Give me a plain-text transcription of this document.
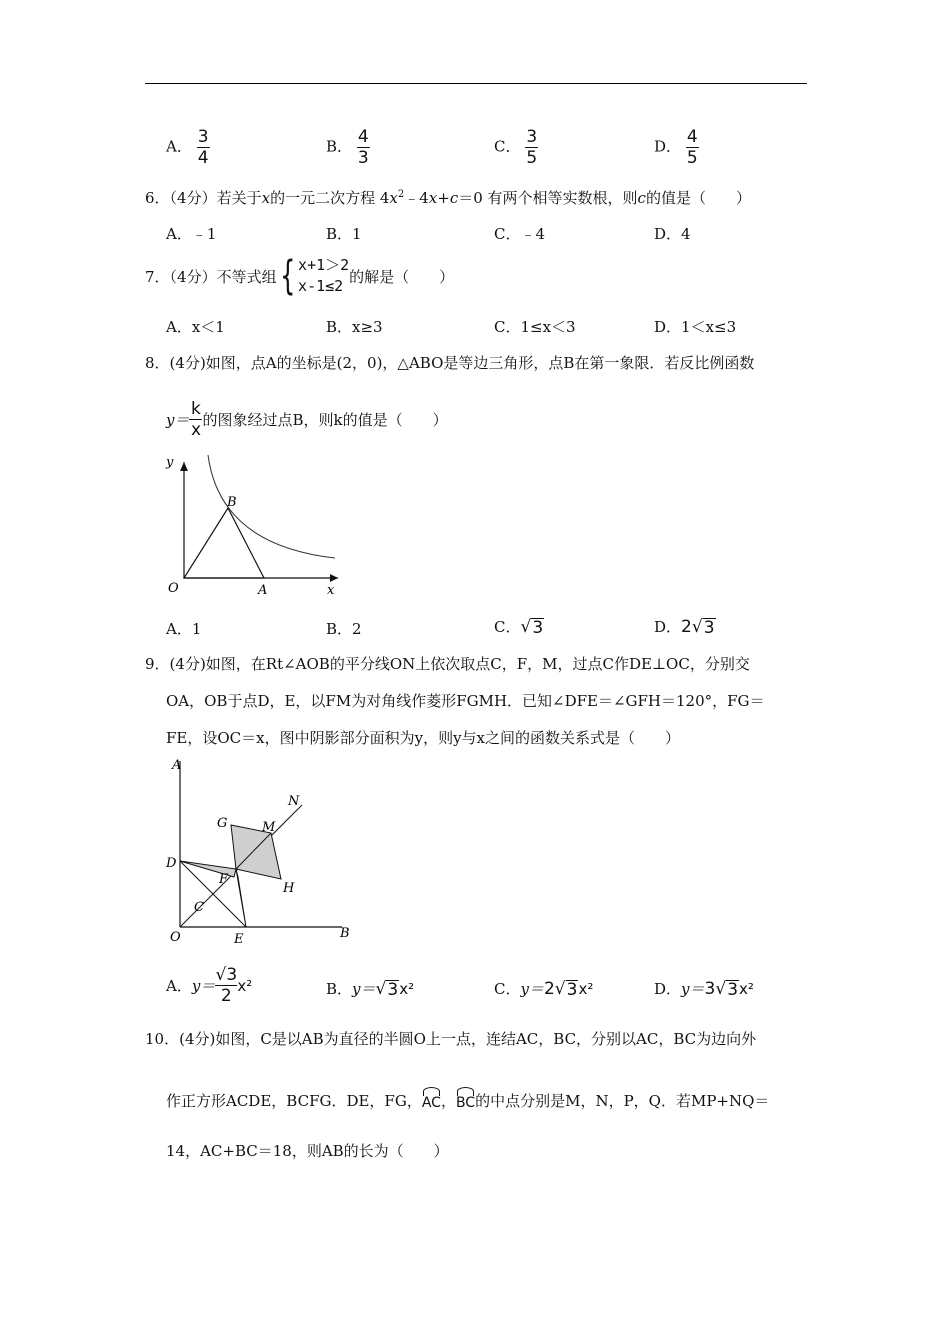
A． $\frac{3}{4}$	B． $\frac{4}{3}$	C． $\frac{3}{5}$	D． $\frac{4}{5}$
6．（4分）若关于x的一元二次方程 $4x^2﹣4x+c=0$ 有两个相等实数根，则c的值是（　　）
A．﹣1	B．1	C．﹣4	D．4
7．（4分）不等式组 { x+1＞2
x-1≤2
的解是（　　）
A．x＜1	B．x≥3	C．1≤x＜3	D．1＜x≤3
8．(4分)如图，点A的坐标是(2，0)，△ABO是等边三角形，点B在第一象限．若反比例函数
$y= \frac{k}{x}$ 的图象经过点B，则k的值是（　　）
y
x
O	A
B
A．1	B．2	C． √ 3	D． 2 √ 3
9．(4分)如图，在Rt∠AOB的平分线ON上依次取点C，F，M，过点C作DE⊥OC，分别交
OA，OB于点D，E，以FM为对角线作菱形FGMH．已知∠DFE＝∠GFH＝120°，FG＝
FE，设OC＝x，图中阴影部分面积为y，则y与x之间的函数关系式是（　　）
A
N
G	M
D
F
H
C
O	E	B
A． $y= \frac{√3}{2} x^2$	B． y＝ √ 3 x²	C． y＝ 2 √ 3 x²	D． y＝ 3 √ 3 x²
10．(4分)如图，C是以AB为直径的半圆O上一点，连结AC，BC，分别以AC，BC为边向外
作正方形ACDE，BCFG．DE，FG， AC ， BC 的中点分别是M，N，P，Q．若MP+NQ＝
14，AC+BC＝18，则AB的长为（　　）
